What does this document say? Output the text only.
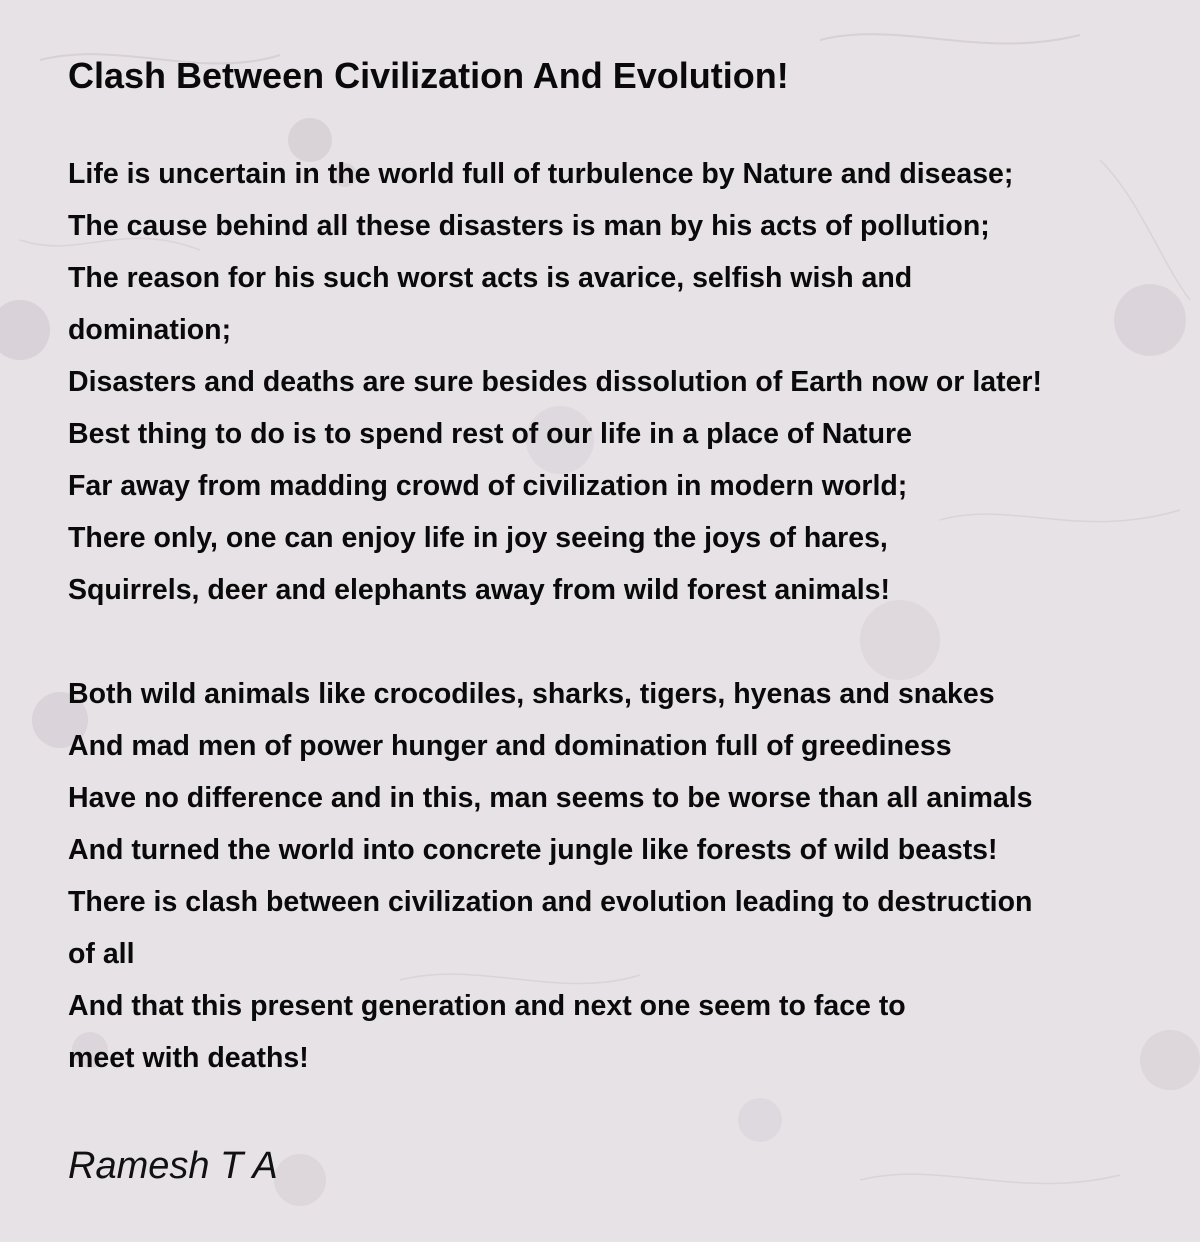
Clash Between Civilization And Evolution!
Life is uncertain in the world full of turbulence by Nature and disease;
The cause behind all these disasters is man by his acts of pollution;
The reason for his such worst acts is avarice, selfish wish and
domination;
Disasters and deaths are sure besides dissolution of Earth now or later!
Best thing to do is to spend rest of our life in a place of Nature
Far away from madding crowd of civilization in modern world;
There only, one can enjoy life in joy seeing the joys of hares,
Squirrels, deer and elephants away from wild forest animals!
Both wild animals like crocodiles, sharks, tigers, hyenas and snakes
And mad men of power hunger and domination full of greediness
Have no difference and in this, man seems to be worse than all animals
And turned the world into concrete jungle like forests of wild beasts!
There is clash between civilization and evolution leading to destruction
of all
And that this present generation and next one seem to face to
meet with deaths!

Ramesh T A
